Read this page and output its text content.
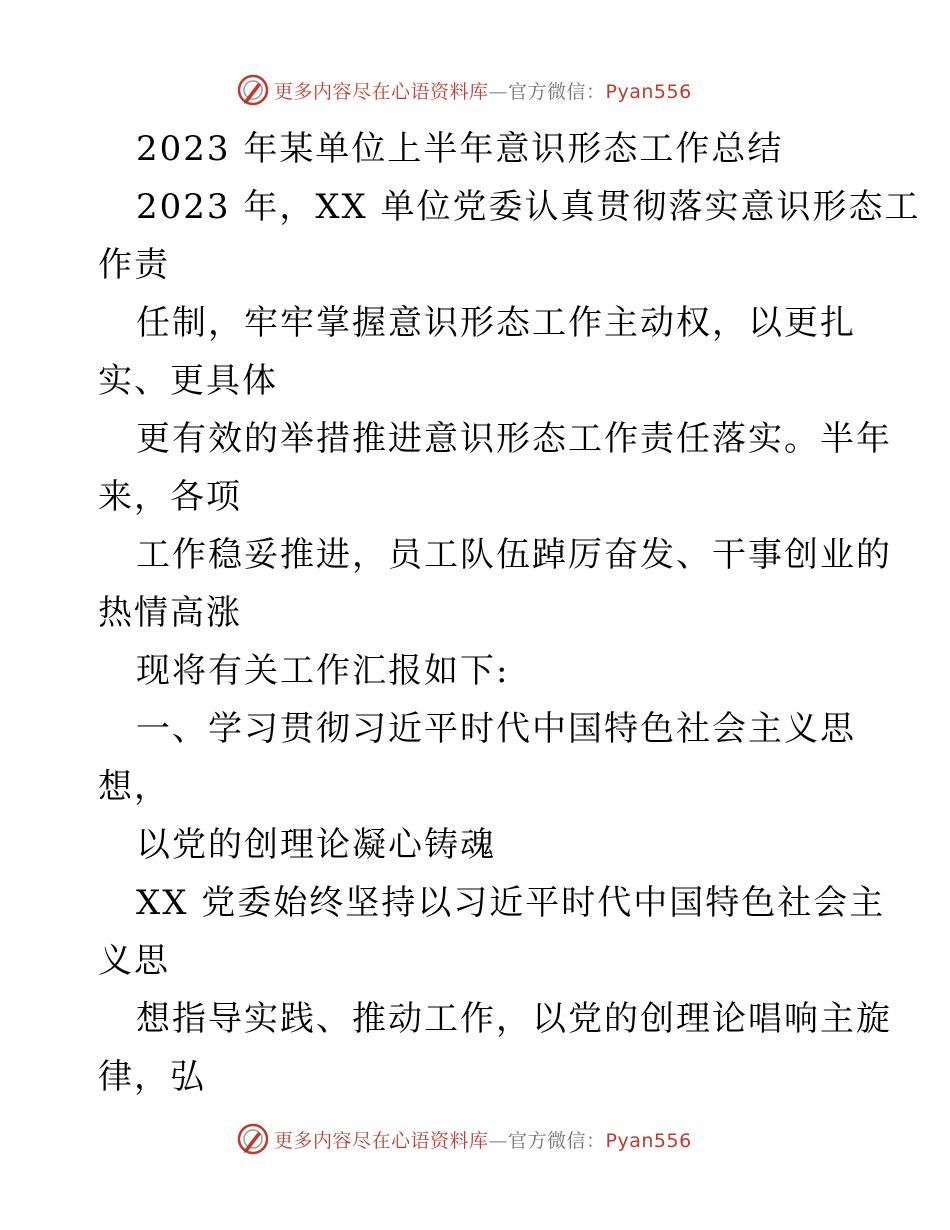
更多内容尽在心语资料库—官方微信：Pyan556
2023 年某单位上半年意识形态工作总结
2023 年，XX 单位党委认真贯彻落实意识形态工
作责
任制，牢牢掌握意识形态工作主动权，以更扎
实、更具体
更有效的举措推进意识形态工作责任落实。半年
来，各项
工作稳妥推进，员工队伍踔厉奋发、干事创业的
热情高涨
现将有关工作汇报如下:
一、学习贯彻习近平时代中国特色社会主义思
想，
以党的创理论凝心铸魂
XX 党委始终坚持以习近平时代中国特色社会主
义思
想指导实践、推动工作，以党的创理论唱响主旋
律，弘
更多内容尽在心语资料库—官方微信：Pyan556
